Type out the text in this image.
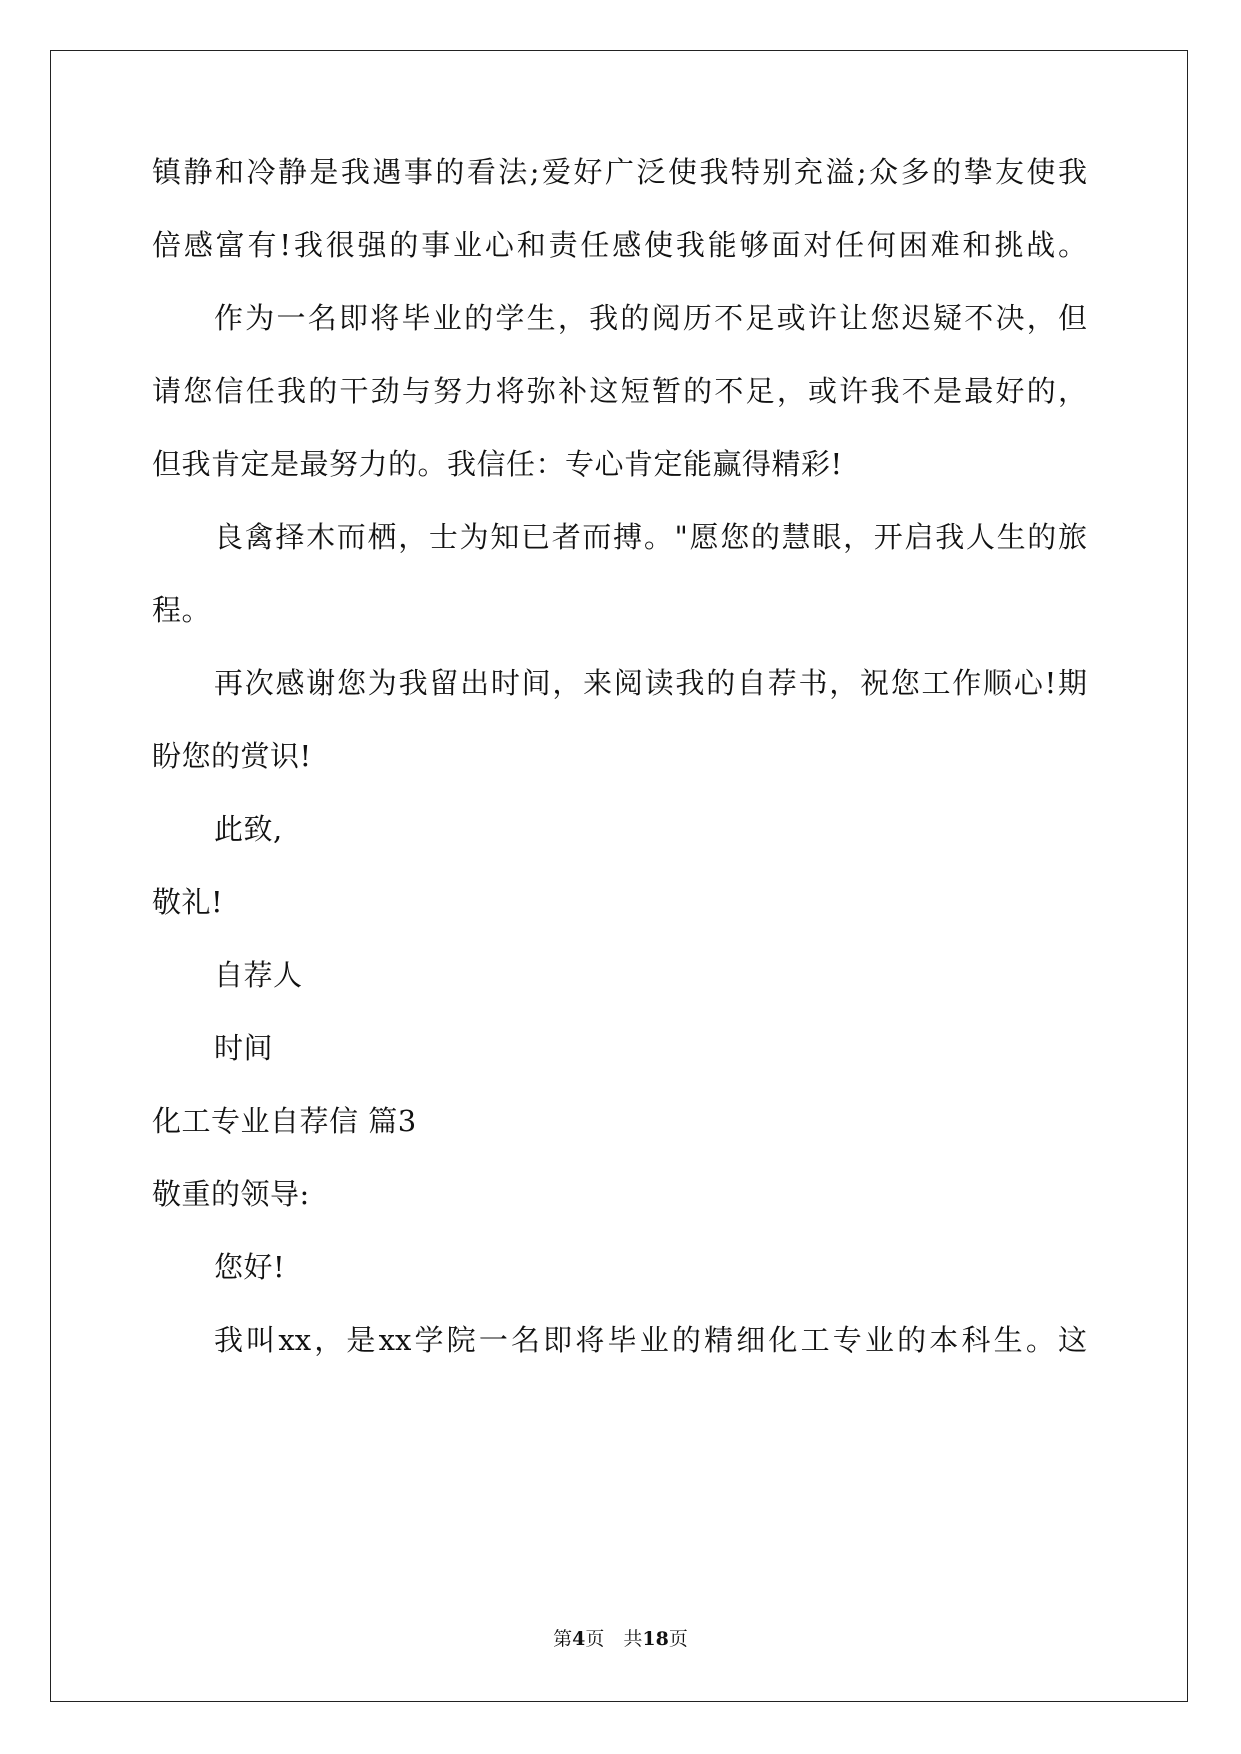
镇静和冷静是我遇事的看法;爱好广泛使我特别充溢;众多的挚友使我

倍感富有!我很强的事业心和责任感使我能够面对任何困难和挑战。

作为一名即将毕业的学生，我的阅历不足或许让您迟疑不决，但

请您信任我的干劲与努力将弥补这短暂的不足，或许我不是最好的，

但我肯定是最努力的。我信任：专心肯定能赢得精彩!

良禽择木而栖，士为知已者而搏。"愿您的慧眼，开启我人生的旅

程。

再次感谢您为我留出时间，来阅读我的自荐书，祝您工作顺心!期

盼您的赏识!

此致,

敬礼!

自荐人

时间

化工专业自荐信 篇3

敬重的领导:

您好!

我叫xx，是xx学院一名即将毕业的精细化工专业的本科生。这

第4页　共18页
